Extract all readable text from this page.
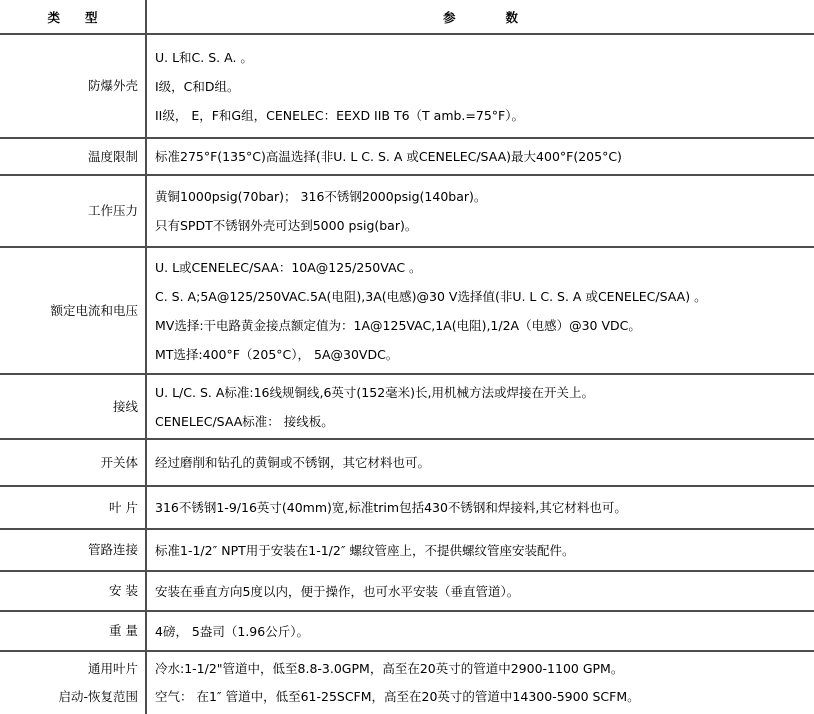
类　　型	参　　　　数
防爆外壳
U. L和C. S. A. 。
I级，C和D组。
II级， E，F和G组，CENELEC：EEXD IIB T6（T amb.=75°F）。
温度限制 标准275°F(135°C)高温选择(非U. L C. S. A 或CENELEC/SAA)最大400°F(205°C)
工作压力
黄铜1000psig(70bar)； 316不锈钢2000psig(140bar)。
只有SPDT不锈钢外壳可达到5000 psig(bar)。
额定电流和电压
U. L或CENELEC/SAA：10A@125/250VAC 。
C. S. A;5A@125/250VAC.5A(电阻),3A(电感)@30 V选择值(非U. L C. S. A 或CENELEC/SAA) 。
MV选择:干电路黄金接点额定值为：1A@125VAC,1A(电阻),1/2A（电感）@30 VDC。
MT选择:400°F（205°C）， 5A@30VDC。
接线
U. L/C. S. A标准:16线规铜线,6英寸(152毫米)长,用机械方法或焊接在开关上。
CENELEC/SAA标准： 接线板。
开关体 经过磨削和钻孔的黄铜或不锈钢，其它材料也可。
叶 片 316不锈钢1-9/16英寸(40mm)宽,标准trim包括430不锈钢和焊接料,其它材料也可。
管路连接 标准1-1/2″ NPT用于安装在1-1/2″ 螺纹管座上，不提供螺纹管座安装配件。
安 装 安装在垂直方向5度以内，便于操作，也可水平安装（垂直管道）。
重 量 4磅， 5盎司（1.96公斤）。
通用叶片
启动-恢复范围
冷水:1-1/2"管道中，低至8.8-3.0GPM，高至在20英寸的管道中2900-1100 GPM。
空气： 在1″ 管道中，低至61-25SCFM，高至在20英寸的管道中14300-5900 SCFM。
